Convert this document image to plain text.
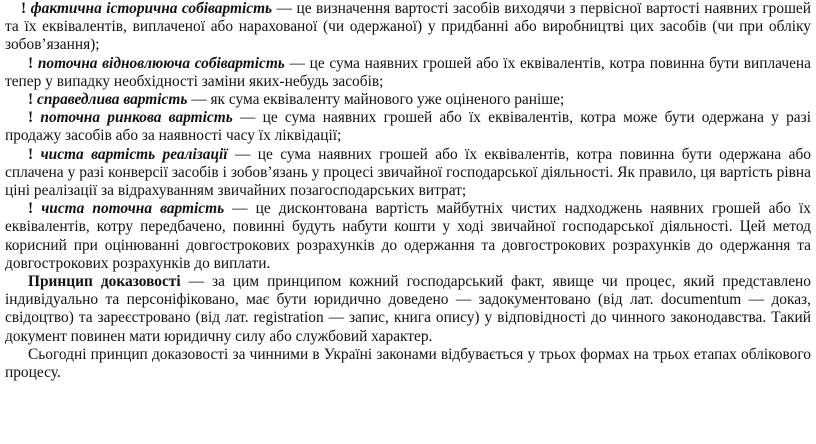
! фактична історична собівартість — це визначення вартості засобів виходячи з первісної вартості наявних грошей та їх еквівалентів, виплаченої або нарахованої (чи одержаної) у придбанні або виробництві цих засобів (чи при обліку зобов’язання);

! поточна відновлююча собівартість — це сума наявних грошей або їх еквівалентів, котра повинна бути виплачена тепер у випадку необхідності заміни яких-небудь засобів;

! справедлива вартість — як сума еквіваленту майнового уже оціненого раніше;

! поточна ринкова вартість — це сума наявних грошей або їх еквівалентів, котра може бути одержана у разі продажу засобів або за наявності часу їх ліквідації;

! чиста вартість реалізації — це сума наявних грошей або їх еквівалентів, котра повинна бути одержана або сплачена у разі конверсії засобів і зобов’язань у процесі звичайної господарської діяльності. Як правило, ця вартість рівна ціні реалізації за відрахуванням звичайних позагосподарських витрат;

! чиста поточна вартість — це дисконтована вартість майбутніх чистих надходжень наявних грошей або їх еквівалентів, котру передбачено, повинні будуть набути кошти у ході звичайної господарської діяльності. Цей метод корисний при оцінюванні довгострокових розрахунків до одержання та довгострокових розрахунків до одержання та довгострокових розрахунків до виплати.

Принцип доказовості — за цим принципом кожний господарський факт, явище чи процес, який представлено індивідуально та персоніфіковано, має бути юридично доведено — задокументовано (від лат. documentum — доказ, свідоцтво) та зареєстровано (від лат. registration — запис, книга опису) у відповідності до чинного законодавства. Такий документ повинен мати юридичну силу або службовий характер.

Сьогодні принцип доказовості за чинними в Україні законами відбувається у трьох формах на трьох етапах облікового процесу.
